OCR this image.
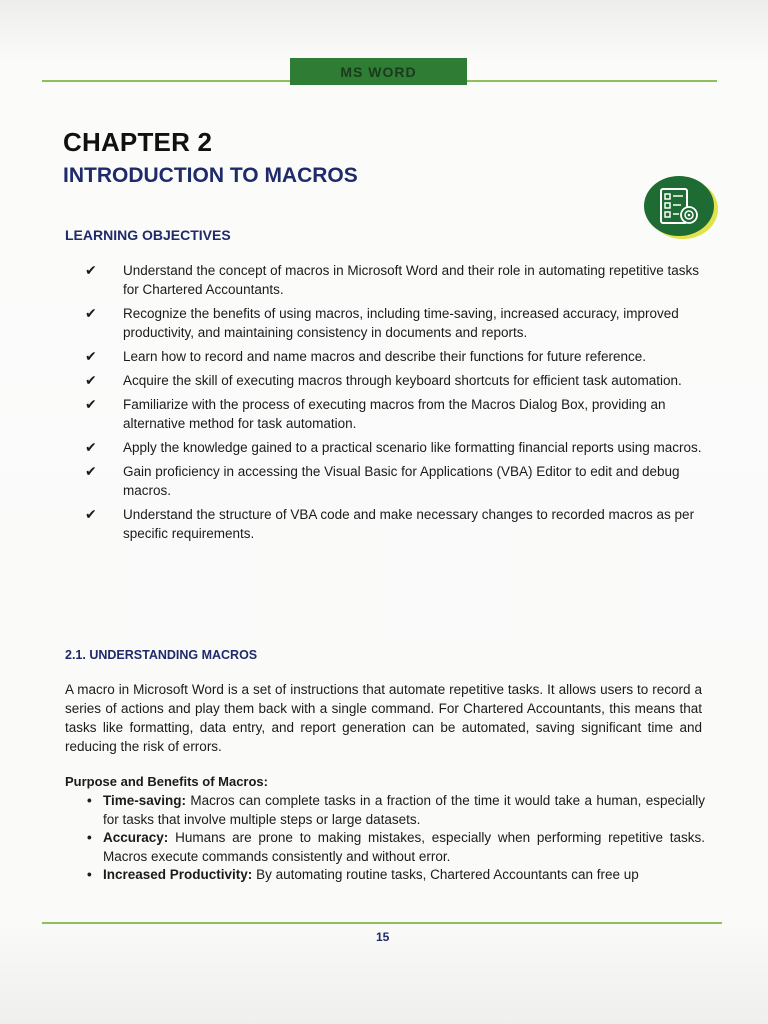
MS WORD
CHAPTER 2
INTRODUCTION TO MACROS
LEARNING OBJECTIVES
✔ Understand the concept of macros in Microsoft Word and their role in automating repetitive tasks for Chartered Accountants.
✔ Recognize the benefits of using macros, including time-saving, increased accuracy, improved productivity, and maintaining consistency in documents and reports.
✔ Learn how to record and name macros and describe their functions for future reference.
✔ Acquire the skill of executing macros through keyboard shortcuts for efficient task automation.
✔ Familiarize with the process of executing macros from the Macros Dialog Box, providing an alternative method for task automation.
✔ Apply the knowledge gained to a practical scenario like formatting financial reports using macros.
✔ Gain proficiency in accessing the Visual Basic for Applications (VBA) Editor to edit and debug macros.
✔ Understand the structure of VBA code and make necessary changes to recorded macros as per specific requirements.
2.1. UNDERSTANDING MACROS

A macro in Microsoft Word is a set of instructions that automate repetitive tasks. It allows users to record a series of actions and play them back with a single command. For Chartered Accountants, this means that tasks like formatting, data entry, and report generation can be automated, saving significant time and reducing the risk of errors.

Purpose and Benefits of Macros:
• Time-saving: Macros can complete tasks in a fraction of the time it would take a human, especially for tasks that involve multiple steps or large datasets.
• Accuracy: Humans are prone to making mistakes, especially when performing repetitive tasks. Macros execute commands consistently and without error.
• Increased Productivity: By automating routine tasks, Chartered Accountants can free up
15
